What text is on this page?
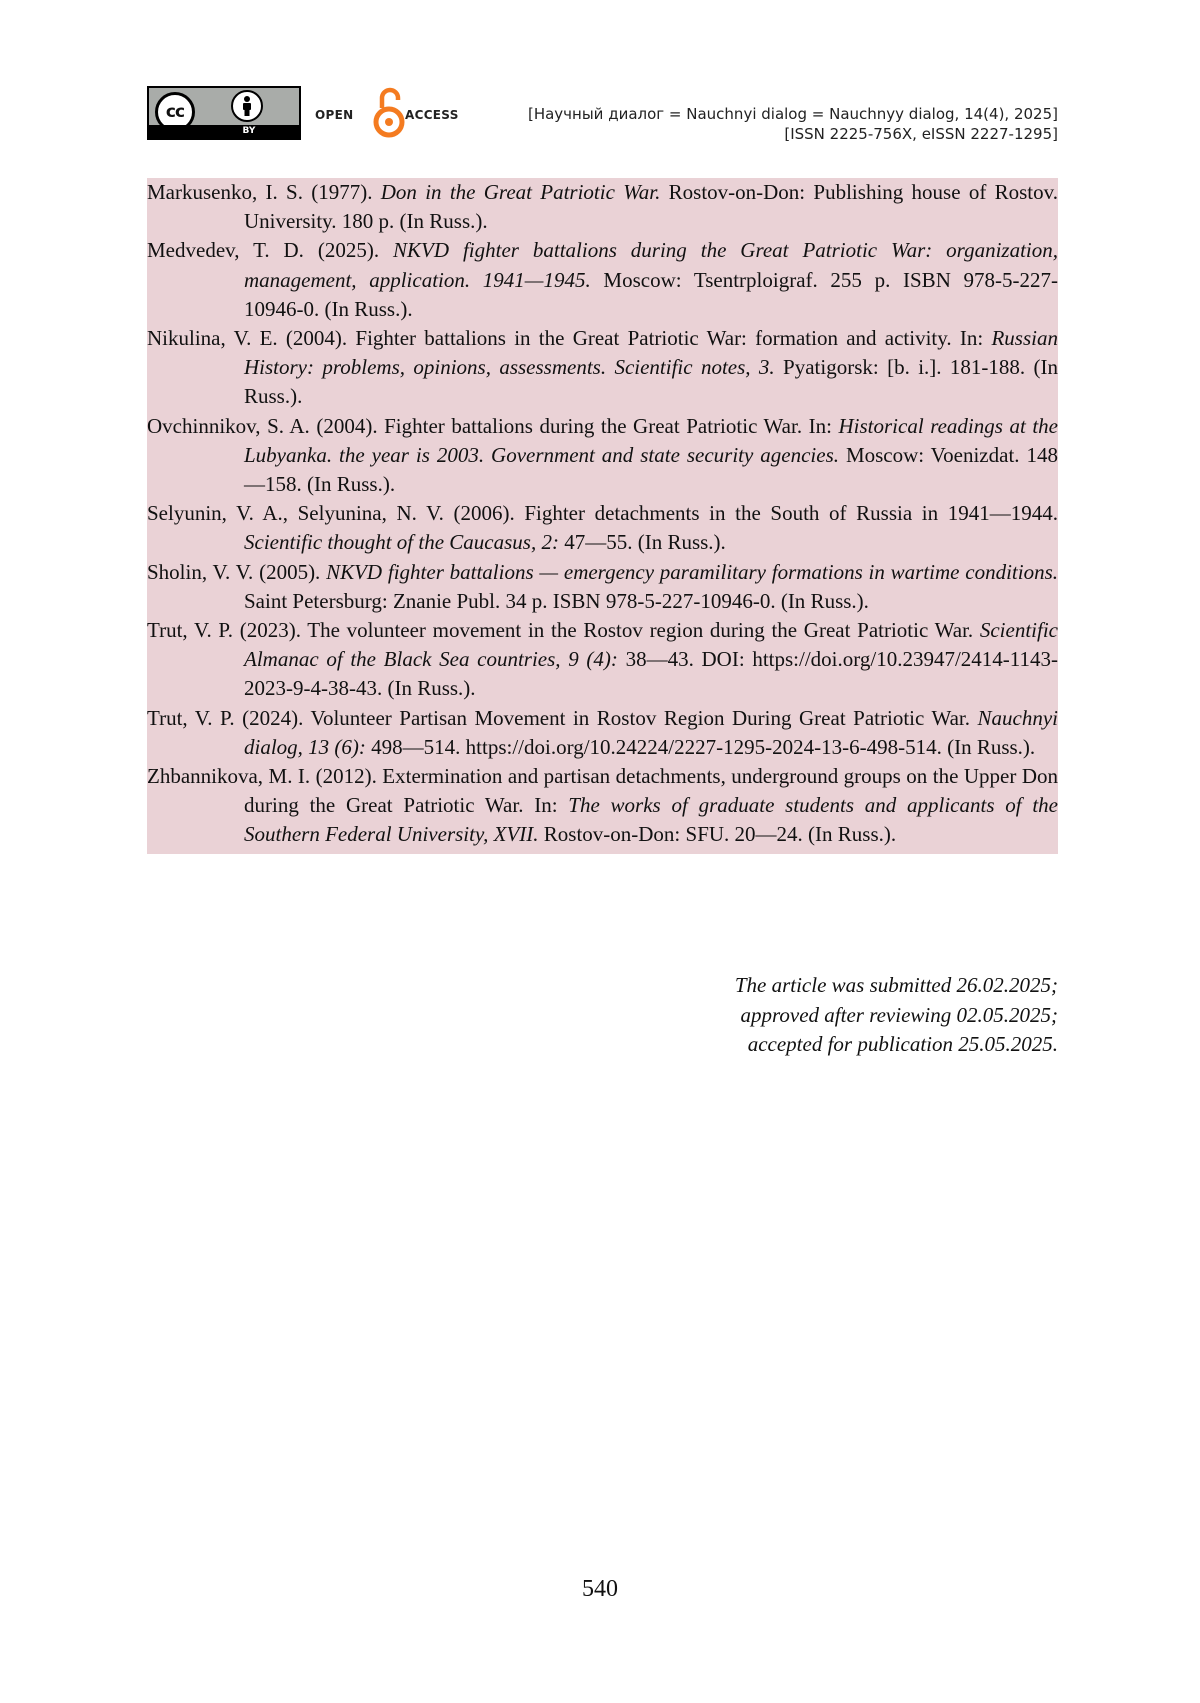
cc
BY
OPEN	ACCESS	[Научный диалог = Nauchnyi dialog = Nauchnyy dialog, 14(4), 2025]
[ISSN 2225-756X, eISSN 2227-1295]

Markusenko, I. S. (1977). Don in the Great Patriotic War. Rostov-on-Don: Publishing house of Rostov. University. 180 p. (In Russ.).

Medvedev, T. D. (2025). NKVD fighter battalions during the Great Patriotic War: organization, management, application. 1941—1945. Moscow: Tsentrploigraf. 255 p. ISBN 978-5-227-10946-0. (In Russ.).

Nikulina, V. E. (2004). Fighter battalions in the Great Patriotic War: formation and activity. In: Russian History: problems, opinions, assessments. Scientific notes, 3. Pyatigorsk: [b. i.]. 181-188. (In Russ.).

Ovchinnikov, S. A. (2004). Fighter battalions during the Great Patriotic War. In: Historical readings at the Lubyanka. the year is 2003. Government and state security agencies. Moscow: Voenizdat. 148—158. (In Russ.).

Selyunin, V. A., Selyunina, N. V. (2006). Fighter detachments in the South of Russia in 1941—1944. Scientific thought of the Caucasus, 2: 47—55. (In Russ.).

Sholin, V. V. (2005). NKVD fighter battalions — emergency paramilitary formations in wartime conditions. Saint Petersburg: Znanie Publ. 34 p. ISBN 978-5-227-10946-0. (In Russ.).

Trut, V. P. (2023). The volunteer movement in the Rostov region during the Great Patriotic War. Scientific Almanac of the Black Sea countries, 9 (4): 38—43. DOI: https://doi.org/10.23947/2414-1143-2023-9-4-38-43. (In Russ.).

Trut, V. P. (2024). Volunteer Partisan Movement in Rostov Region During Great Patriotic War. Nauchnyi dialog, 13 (6): 498—514. https://doi.org/10.24224/2227-1295-2024-13-6-498-514. (In Russ.).

Zhbannikova, M. I. (2012). Extermination and partisan detachments, underground groups on the Upper Don during the Great Patriotic War. In: The works of graduate students and applicants of the Southern Federal University, XVII. Rostov-on-Don: SFU. 20—24. (In Russ.).

The article was submitted 26.02.2025;
approved after reviewing 02.05.2025;
accepted for publication 25.05.2025.
540
